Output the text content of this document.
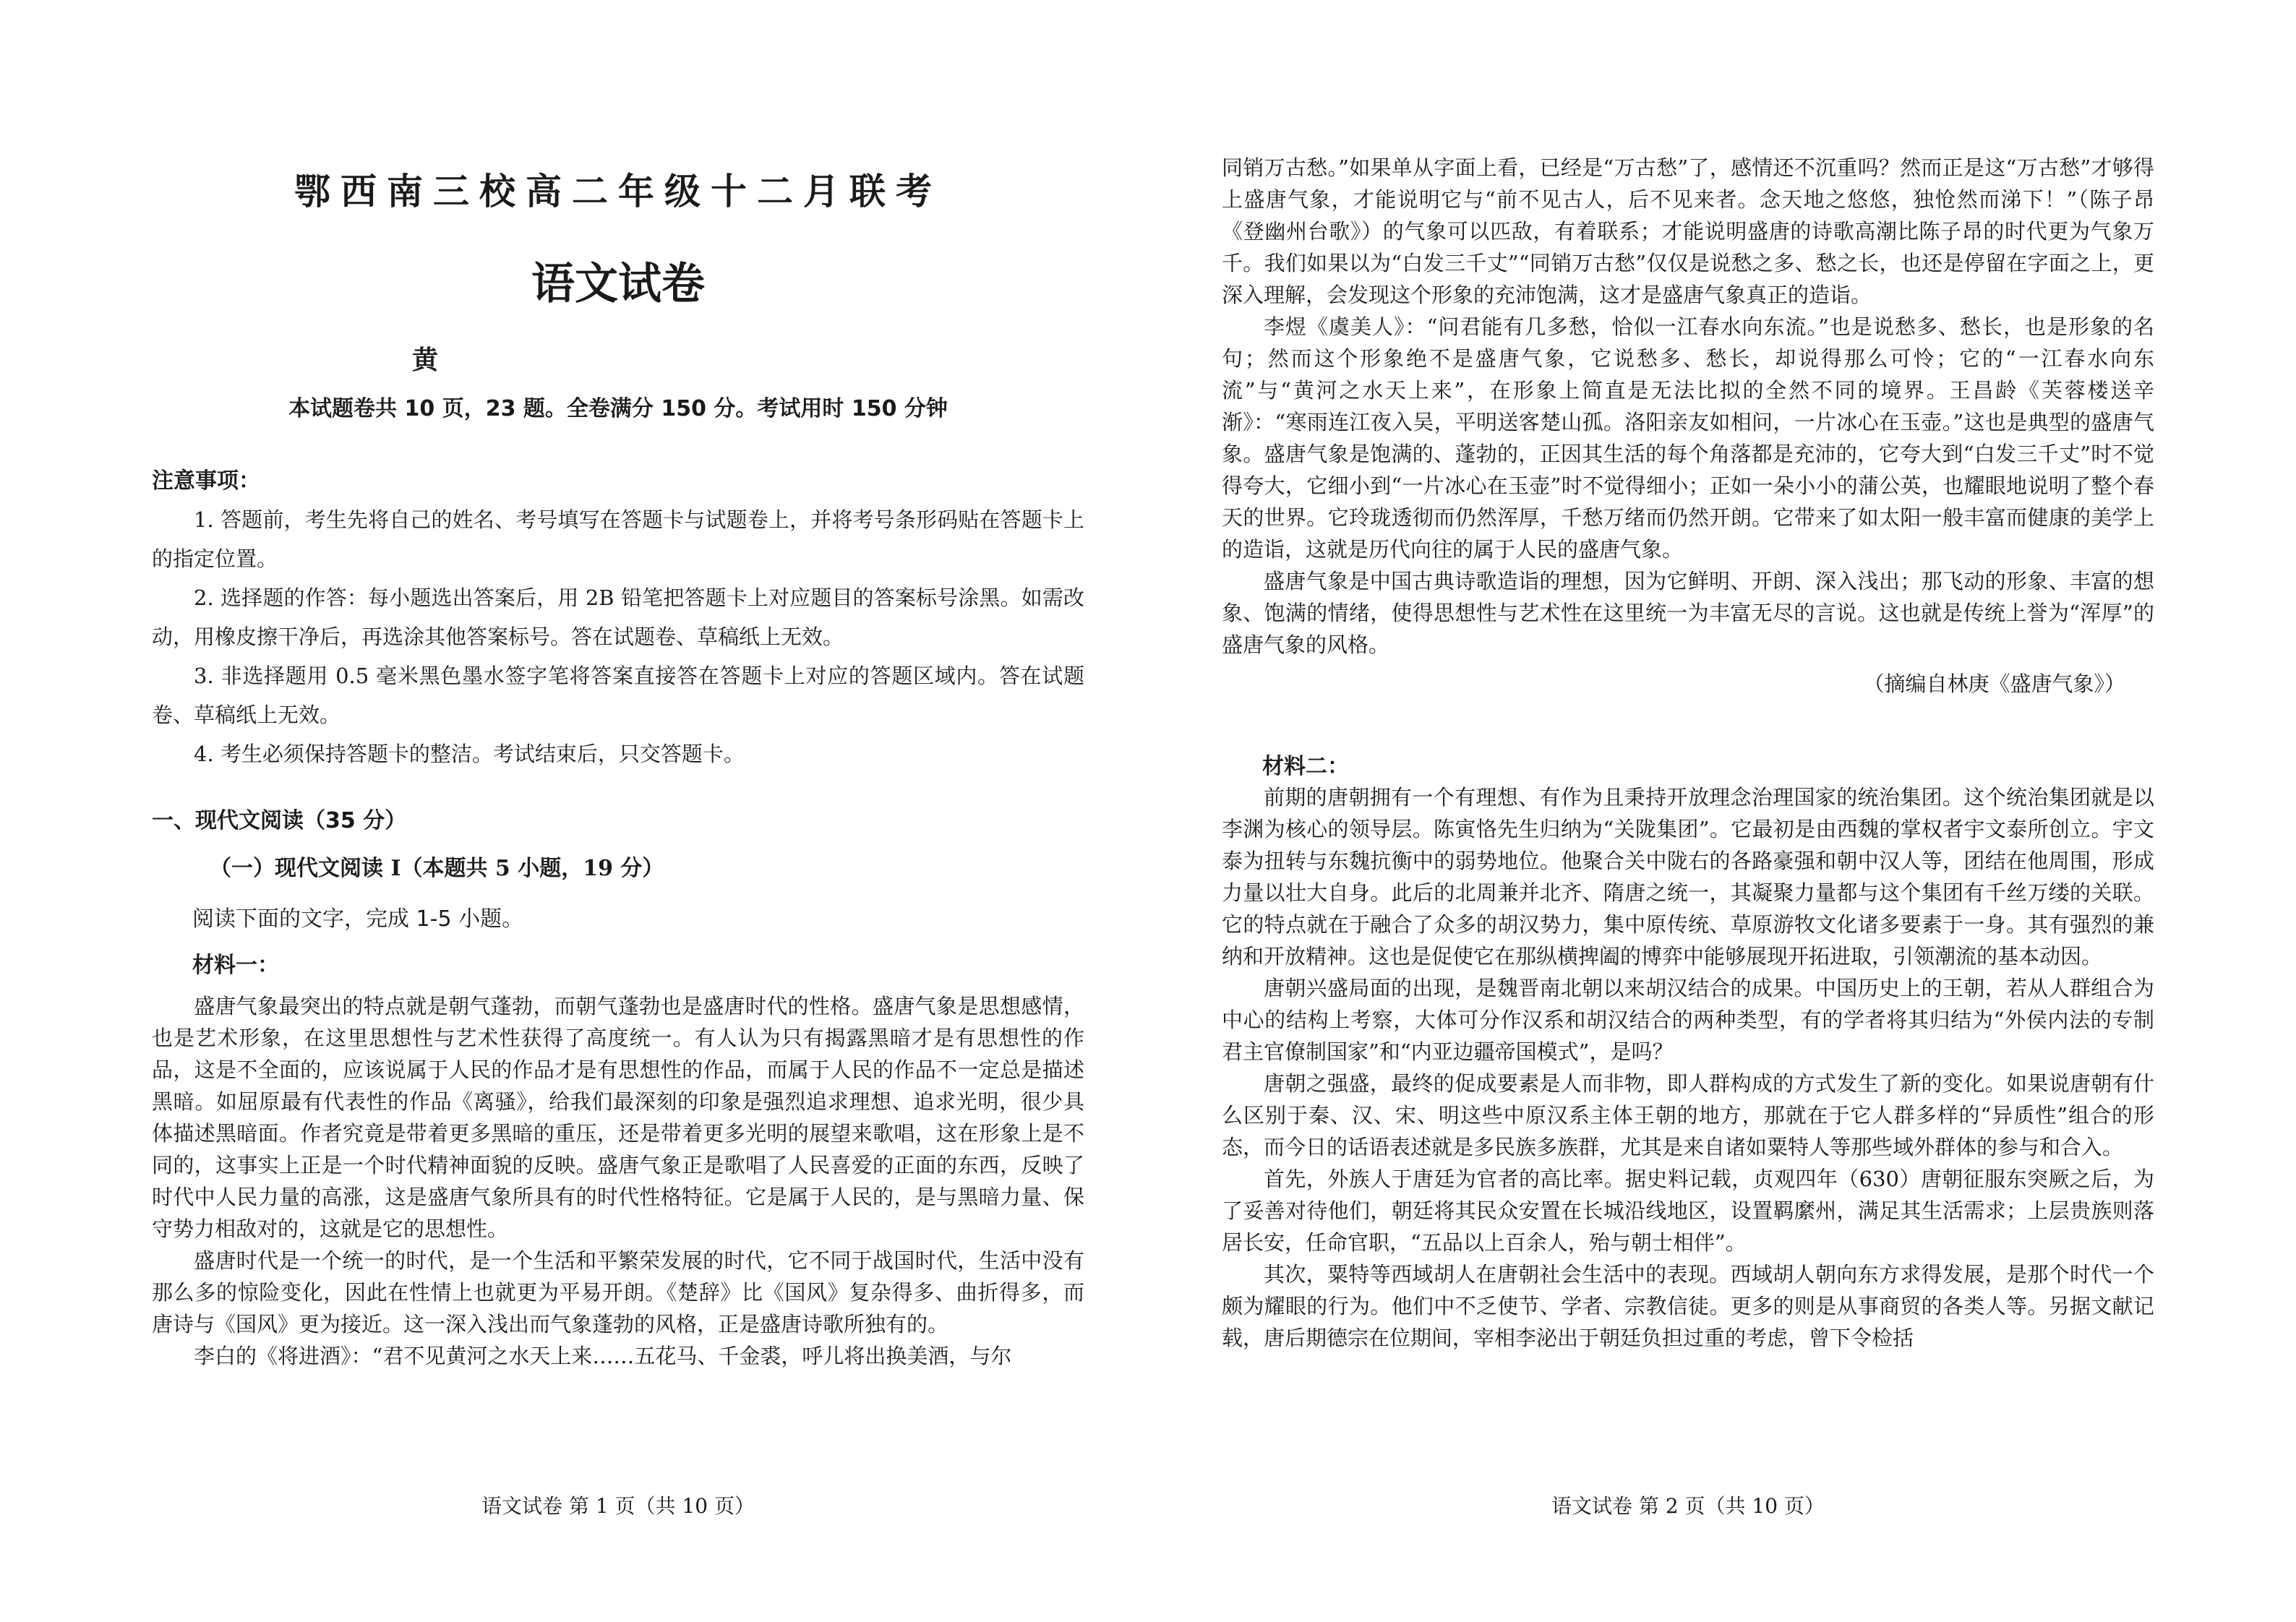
鄂西南三校高二年级十二月联考
语文试卷
黄
本试题卷共 10 页，23 题。全卷满分 150 分。考试用时 150 分钟
注意事项：

1. 答题前，考生先将自己的姓名、考号填写在答题卡与试题卷上，并将考号条形码贴在答题卡上的指定位置。

2. 选择题的作答：每小题选出答案后，用 2B 铅笔把答题卡上对应题目的答案标号涂黑。如需改动，用橡皮擦干净后，再选涂其他答案标号。答在试题卷、草稿纸上无效。

3. 非选择题用 0.5 毫米黑色墨水签字笔将答案直接答在答题卡上对应的答题区域内。答在试题卷、草稿纸上无效。

4. 考生必须保持答题卡的整洁。考试结束后，只交答题卡。

一、现代文阅读（35 分）
（一）现代文阅读 I（本题共 5 小题，19 分）
阅读下面的文字，完成 1-5 小题。
材料一：

盛唐气象最突出的特点就是朝气蓬勃，而朝气蓬勃也是盛唐时代的性格。盛唐气象是思想感情，也是艺术形象，在这里思想性与艺术性获得了高度统一。有人认为只有揭露黑暗才是有思想性的作品，这是不全面的，应该说属于人民的作品才是有思想性的作品，而属于人民的作品不一定总是描述黑暗。如屈原最有代表性的作品《离骚》，给我们最深刻的印象是强烈追求理想、追求光明，很少具体描述黑暗面。作者究竟是带着更多黑暗的重压，还是带着更多光明的展望来歌唱，这在形象上是不同的，这事实上正是一个时代精神面貌的反映。盛唐气象正是歌唱了人民喜爱的正面的东西，反映了时代中人民力量的高涨，这是盛唐气象所具有的时代性格特征。它是属于人民的，是与黑暗力量、保守势力相敌对的，这就是它的思想性。

盛唐时代是一个统一的时代，是一个生活和平繁荣发展的时代，它不同于战国时代，生活中没有那么多的惊险变化，因此在性情上也就更为平易开朗。《楚辞》比《国风》复杂得多、曲折得多，而唐诗与《国风》更为接近。这一深入浅出而气象蓬勃的风格，正是盛唐诗歌所独有的。

李白的《将进酒》：“君不见黄河之水天上来……五花马、千金裘，呼儿将出换美酒，与尔

语文试卷 第 1 页（共 10 页）

同销万古愁。”如果单从字面上看，已经是“万古愁”了，感情还不沉重吗？然而正是这“万古愁”才够得上盛唐气象，才能说明它与“前不见古人，后不见来者。念天地之悠悠，独怆然而涕下！”（陈子昂《登幽州台歌》）的气象可以匹敌，有着联系；才能说明盛唐的诗歌高潮比陈子昂的时代更为气象万千。我们如果以为“白发三千丈”“同销万古愁”仅仅是说愁之多、愁之长，也还是停留在字面之上，更深入理解，会发现这个形象的充沛饱满，这才是盛唐气象真正的造诣。

李煜《虞美人》：“问君能有几多愁，恰似一江春水向东流。”也是说愁多、愁长，也是形象的名句；然而这个形象绝不是盛唐气象，它说愁多、愁长，却说得那么可怜；它的“一江春水向东流”与“黄河之水天上来”，在形象上简直是无法比拟的全然不同的境界。王昌龄《芙蓉楼送辛渐》：“寒雨连江夜入吴，平明送客楚山孤。洛阳亲友如相问，一片冰心在玉壶。”这也是典型的盛唐气象。盛唐气象是饱满的、蓬勃的，正因其生活的每个角落都是充沛的，它夸大到“白发三千丈”时不觉得夸大，它细小到“一片冰心在玉壶”时不觉得细小；正如一朵小小的蒲公英，也耀眼地说明了整个春天的世界。它玲珑透彻而仍然浑厚，千愁万绪而仍然开朗。它带来了如太阳一般丰富而健康的美学上的造诣，这就是历代向往的属于人民的盛唐气象。

盛唐气象是中国古典诗歌造诣的理想，因为它鲜明、开朗、深入浅出；那飞动的形象、丰富的想象、饱满的情绪，使得思想性与艺术性在这里统一为丰富无尽的言说。这也就是传统上誉为“浑厚”的盛唐气象的风格。

（摘编自林庚《盛唐气象》）
材料二：

前期的唐朝拥有一个有理想、有作为且秉持开放理念治理国家的统治集团。这个统治集团就是以李渊为核心的领导层。陈寅恪先生归纳为“关陇集团”。它最初是由西魏的掌权者宇文泰所创立。宇文泰为扭转与东魏抗衡中的弱势地位。他聚合关中陇右的各路豪强和朝中汉人等，团结在他周围，形成力量以壮大自身。此后的北周兼并北齐、隋唐之统一，其凝聚力量都与这个集团有千丝万缕的关联。它的特点就在于融合了众多的胡汉势力，集中原传统、草原游牧文化诸多要素于一身。其有强烈的兼纳和开放精神。这也是促使它在那纵横捭阖的博弈中能够展现开拓进取，引领潮流的基本动因。

唐朝兴盛局面的出现，是魏晋南北朝以来胡汉结合的成果。中国历史上的王朝，若从人群组合为中心的结构上考察，大体可分作汉系和胡汉结合的两种类型，有的学者将其归结为“外侯内法的专制君主官僚制国家”和“内亚边疆帝国模式”，是吗？

唐朝之强盛，最终的促成要素是人而非物，即人群构成的方式发生了新的变化。如果说唐朝有什么区别于秦、汉、宋、明这些中原汉系主体王朝的地方，那就在于它人群多样的“异质性”组合的形态，而今日的话语表述就是多民族多族群，尤其是来自诸如粟特人等那些域外群体的参与和合入。

首先，外族人于唐廷为官者的高比率。据史料记载，贞观四年（630）唐朝征服东突厥之后，为了妥善对待他们，朝廷将其民众安置在长城沿线地区，设置羁縻州，满足其生活需求；上层贵族则落居长安，任命官职，“五品以上百余人，殆与朝士相伴”。

其次，粟特等西域胡人在唐朝社会生活中的表现。西域胡人朝向东方求得发展，是那个时代一个颇为耀眼的行为。他们中不乏使节、学者、宗教信徒。更多的则是从事商贸的各类人等。另据文献记载，唐后期德宗在位期间，宰相李泌出于朝廷负担过重的考虑，曾下令检括

语文试卷 第 2 页（共 10 页）
